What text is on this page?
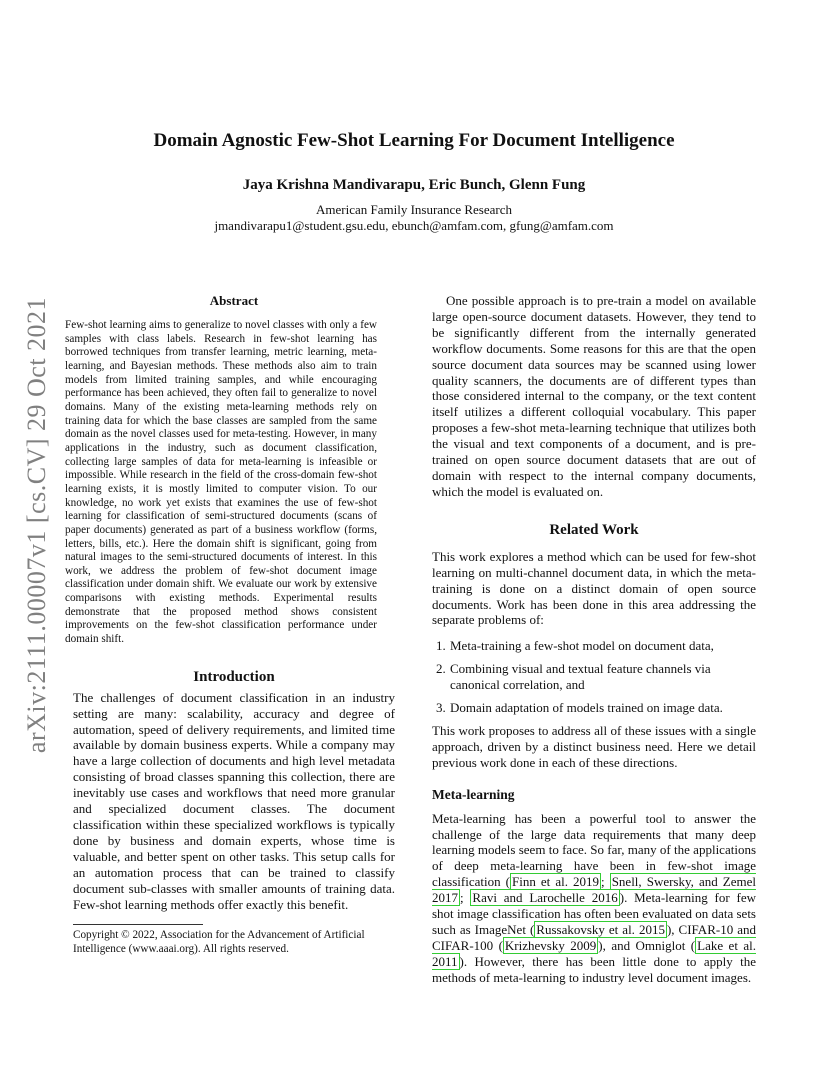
arXiv:2111.00007v1 [cs.CV] 29 Oct 2021
Domain Agnostic Few-Shot Learning For Document Intelligence
Jaya Krishna Mandivarapu, Eric Bunch, Glenn Fung
American Family Insurance Research
jmandivarapu1@student.gsu.edu, ebunch@amfam.com, gfung@amfam.com
Abstract

Few-shot learning aims to generalize to novel classes with only a few samples with class labels. Research in few-shot learning has borrowed techniques from transfer learning, metric learning, meta-learning, and Bayesian methods. These methods also aim to train models from limited training samples, and while encouraging performance has been achieved, they often fail to generalize to novel domains. Many of the existing meta-learning methods rely on training data for which the base classes are sampled from the same domain as the novel classes used for meta-testing. However, in many applications in the industry, such as document classification, collecting large samples of data for meta-learning is infeasible or impossible. While research in the field of the cross-domain few-shot learning exists, it is mostly limited to computer vision. To our knowledge, no work yet exists that examines the use of few-shot learning for classification of semi-structured documents (scans of paper documents) generated as part of a business workflow (forms, letters, bills, etc.). Here the domain shift is significant, going from natural images to the semi-structured documents of interest. In this work, we address the problem of few-shot document image classification under domain shift. We evaluate our work by extensive comparisons with existing methods. Experimental results demonstrate that the proposed method shows consistent improvements on the few-shot classification performance under domain shift.

Introduction

The challenges of document classification in an industry setting are many: scalability, accuracy and degree of automation, speed of delivery requirements, and limited time available by domain business experts. While a company may have a large collection of documents and high level metadata consisting of broad classes spanning this collection, there are inevitably use cases and workflows that need more granular and specialized document classes. The document classification within these specialized workflows is typically done by business and domain experts, whose time is valuable, and better spent on other tasks. This setup calls for an automation process that can be trained to classify document sub-classes with smaller amounts of training data. Few-shot learning methods offer exactly this benefit.

Copyright © 2022, Association for the Advancement of Artificial Intelligence (www.aaai.org). All rights reserved.

One possible approach is to pre-train a model on available large open-source document datasets. However, they tend to be significantly different from the internally generated workflow documents. Some reasons for this are that the open source document data sources may be scanned using lower quality scanners, the documents are of different types than those considered internal to the company, or the text content itself utilizes a different colloquial vocabulary. This paper proposes a few-shot meta-learning technique that utilizes both the visual and text components of a document, and is pre-trained on open source document datasets that are out of domain with respect to the internal company documents, which the model is evaluated on.

Related Work

This work explores a method which can be used for few-shot learning on multi-channel document data, in which the meta-training is done on a distinct domain of open source documents. Work has been done in this area addressing the separate problems of:

1. Meta-training a few-shot model on document data,
2. Combining visual and textual feature channels via canonical correlation, and
3. Domain adaptation of models trained on image data.

This work proposes to address all of these issues with a single approach, driven by a distinct business need. Here we detail previous work done in each of these directions.

Meta-learning

Meta-learning has been a powerful tool to answer the challenge of the large data requirements that many deep learning models seem to face. So far, many of the applications of deep meta-learning have been in few-shot image classification ( Finn et al. 2019 ; Snell, Swersky, and Zemel 2017 ; Ravi and Larochelle 2016 ). Meta-learning for few shot image classification has often been evaluated on data sets such as ImageNet ( Russakovsky et al. 2015 ), CIFAR-10 and CIFAR-100 ( Krizhevsky 2009 ), and Omniglot ( Lake et al. 2011 ). However, there has been little done to apply the methods of meta-learning to industry level document images.
